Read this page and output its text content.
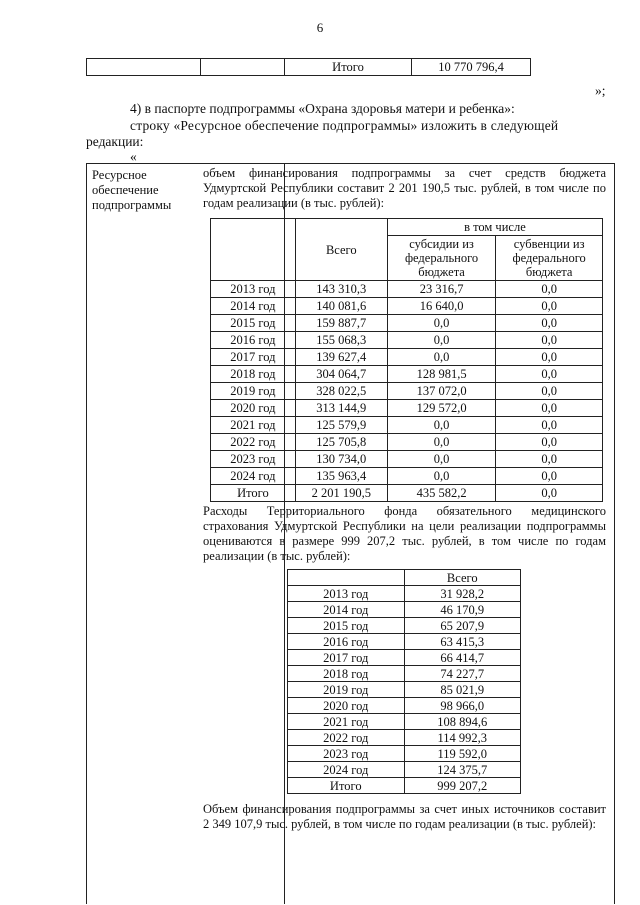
6
		Итого	10 770 796,4
»;
4) в паспорте подпрограммы «Охрана здоровья матери и ребенка»:
строку «Ресурсное обеспечение подпрограммы» изложить в следующей
редакции:
«
Ресурсное
обеспечение
подпрограммы
объем финансирования подпрограммы за счет средств бюджета Удмуртской Республики составит 2 201 190,5 тыс. рублей, в том числе по годам реализации (в тыс. рублей):
	Всего	в том числе	
		субсидии из федерального бюджета	субвенции из федерального бюджета
2013 год	143 310,3	23 316,7	0,0
2014 год	140 081,6	16 640,0	0,0
2015 год	159 887,7	0,0	0,0
2016 год	155 068,3	0,0	0,0
2017 год	139 627,4	0,0	0,0
2018 год	304 064,7	128 981,5	0,0
2019 год	328 022,5	137 072,0	0,0
2020 год	313 144,9	129 572,0	0,0
2021 год	125 579,9	0,0	0,0
2022 год	125 705,8	0,0	0,0
2023 год	130 734,0	0,0	0,0
2024 год	135 963,4	0,0	0,0
Итого	2 201 190,5	435 582,2	0,0
Расходы Территориального фонда обязательного медицинского страхования Удмуртской Республики на цели реализации подпрограммы оцениваются в размере 999 207,2 тыс. рублей, в том числе по годам реализации (в тыс. рублей):
	Всего
2013 год	31 928,2
2014 год	46 170,9
2015 год	65 207,9
2016 год	63 415,3
2017 год	66 414,7
2018 год	74 227,7
2019 год	85 021,9
2020 год	98 966,0
2021 год	108 894,6
2022 год	114 992,3
2023 год	119 592,0
2024 год	124 375,7
Итого	999 207,2
Объем финансирования подпрограммы за счет иных источников составит 2 349 107,9 тыс. рублей, в том числе по годам реализации (в тыс. рублей):
